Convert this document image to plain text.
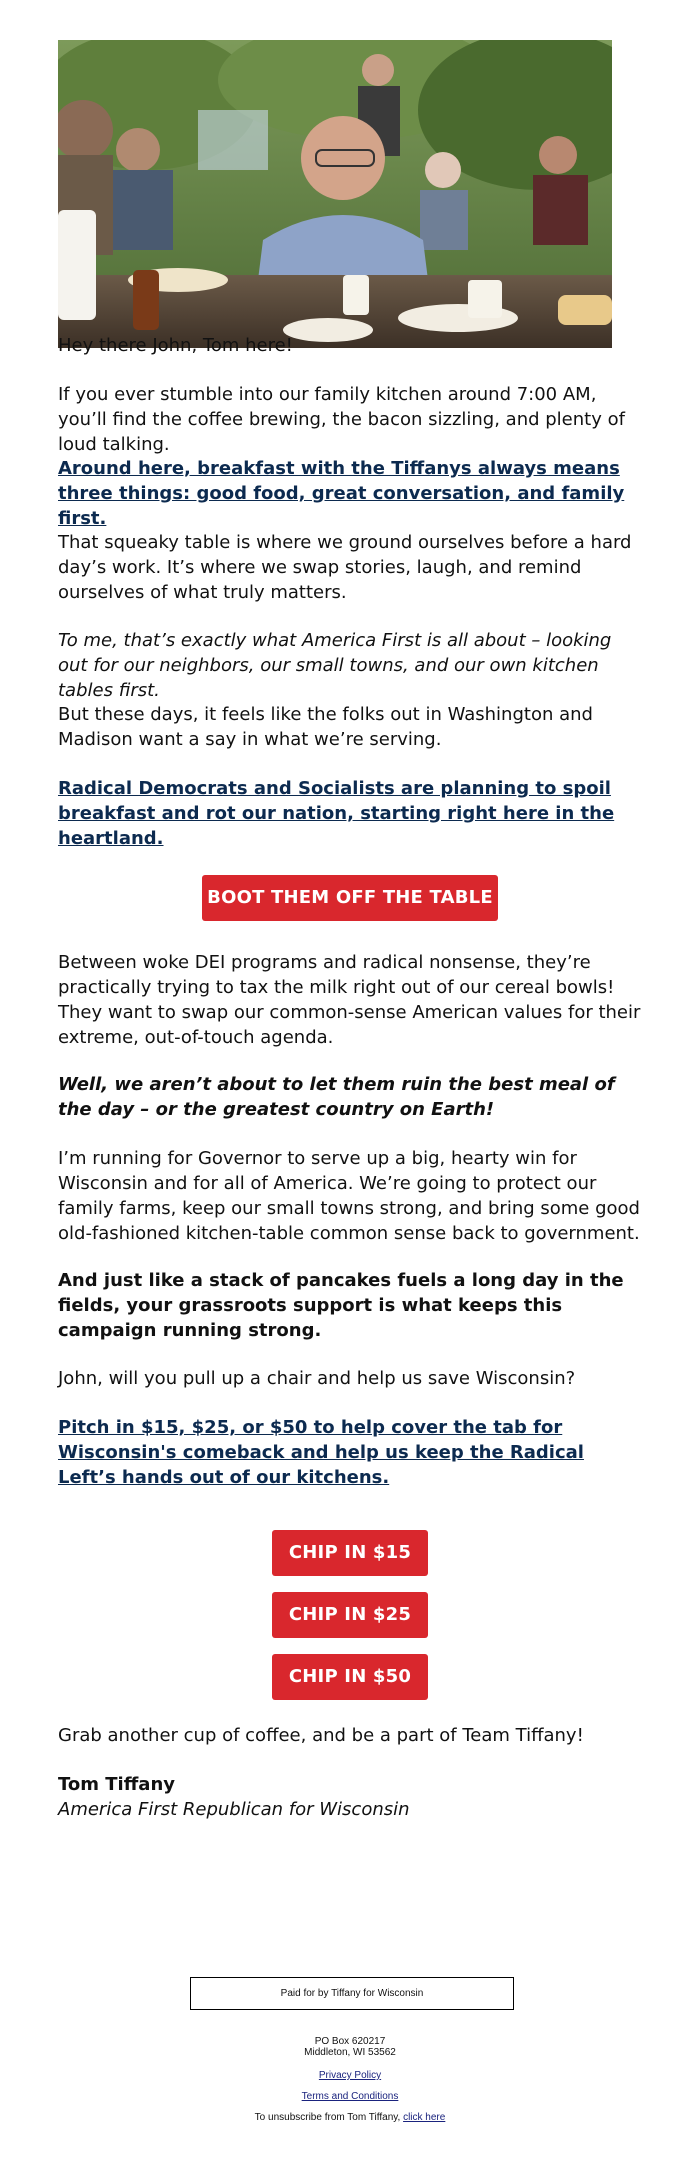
Hey there John, Tom here!

If you ever stumble into our family kitchen around 7:00 AM, you’ll find the coffee brewing, the bacon sizzling, and plenty of loud talking.

Around here, breakfast with the Tiffanys always means three things: good food, great conversation, and family first.

That squeaky table is where we ground ourselves before a hard day’s work. It’s where we swap stories, laugh, and remind ourselves of what truly matters.

To me, that’s exactly what America First is all about – looking out for our neighbors, our small towns, and our own kitchen tables first.

But these days, it feels like the folks out in Washington and Madison want a say in what we’re serving.

Radical Democrats and Socialists are planning to spoil breakfast and rot our nation, starting right here in the heartland.

BOOT THEM OFF THE TABLE

Between woke DEI programs and radical nonsense, they’re practically trying to tax the milk right out of our cereal bowls! They want to swap our common-sense American values for their extreme, out-of-touch agenda.

Well, we aren’t about to let them ruin the best meal of the day – or the greatest country on Earth!

I’m running for Governor to serve up a big, hearty win for Wisconsin and for all of America. We’re going to protect our family farms, keep our small towns strong, and bring some good old-fashioned kitchen-table common sense back to government.

And just like a stack of pancakes fuels a long day in the fields, your grassroots support is what keeps this campaign running strong.

John, will you pull up a chair and help us save Wisconsin?

Pitch in $15, $25, or $50 to help cover the tab for Wisconsin's comeback and help us keep the Radical Left’s hands out of our kitchens.

CHIP IN $15
CHIP IN $25
CHIP IN $50

Grab another cup of coffee, and be a part of Team Tiffany!

Tom Tiffany

America First Republican for Wisconsin

Paid for by Tiffany for Wisconsin
PO Box 620217
Middleton, WI 53562
Privacy Policy
Terms and Conditions
To unsubscribe from Tom Tiffany, click here
